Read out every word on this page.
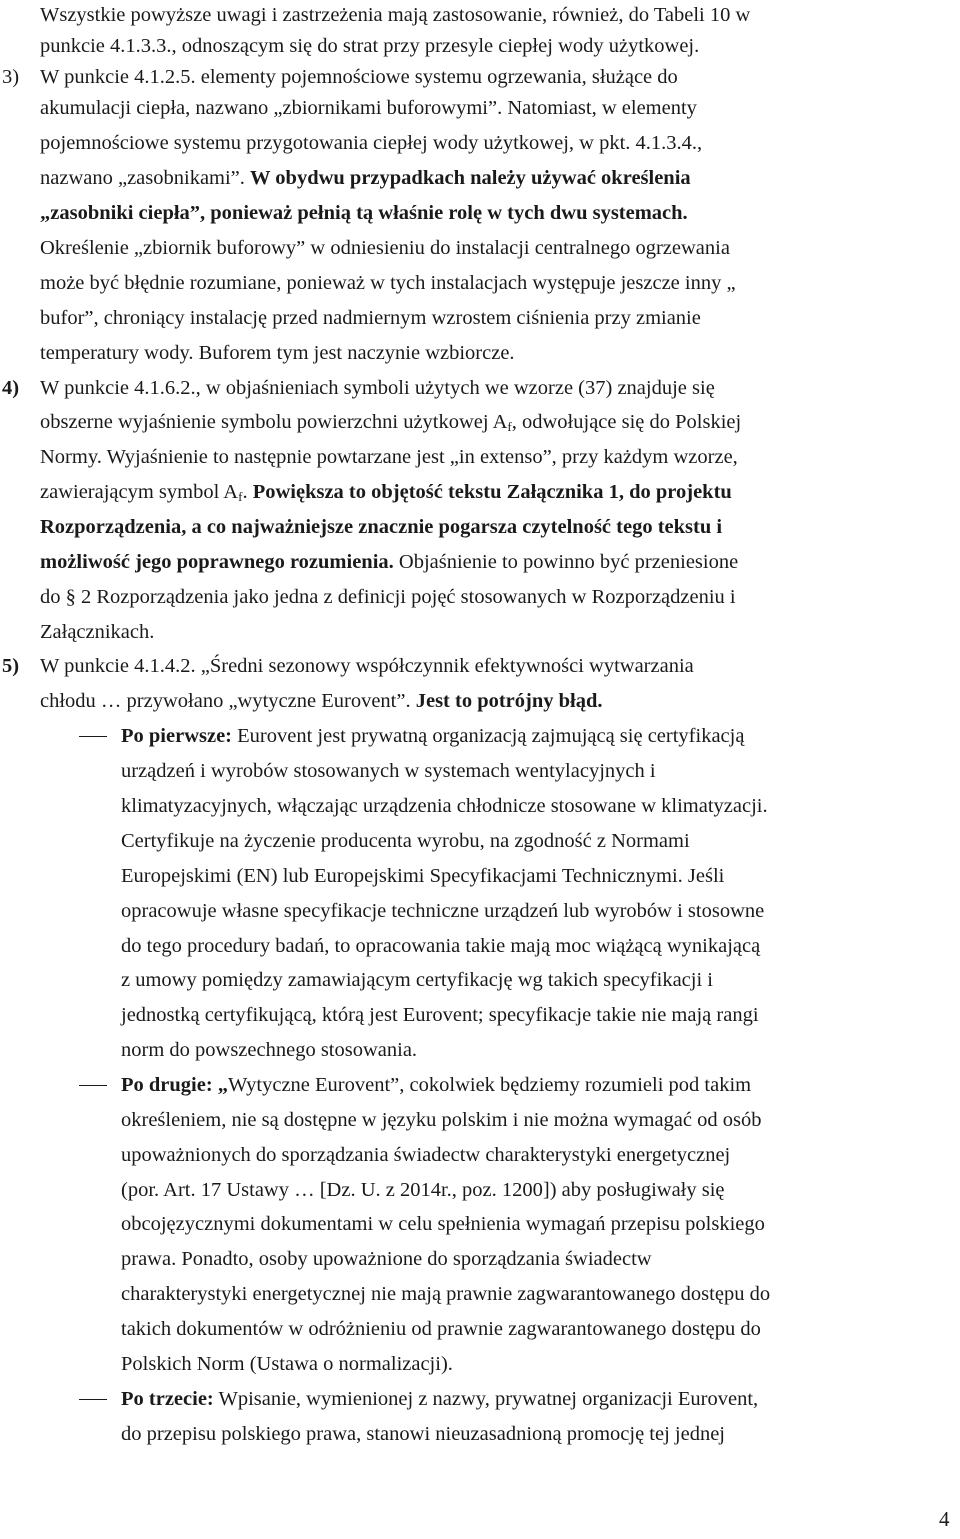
Wszystkie powyższe uwagi i zastrzeżenia mają zastosowanie, również, do Tabeli 10 w
punkcie 4.1.3.3., odnoszącym się do strat przy przesyle ciepłej wody użytkowej.
3) W punkcie 4.1.2.5. elementy pojemnościowe systemu ogrzewania, służące do
akumulacji ciepła, nazwano „zbiornikami buforowymi”. Natomiast, w elementy
pojemnościowe systemu przygotowania ciepłej wody użytkowej, w pkt. 4.1.3.4.,
nazwano „zasobnikami”. W obydwu przypadkach należy używać określenia
„zasobniki ciepła”, ponieważ pełnią tą właśnie rolę w tych dwu systemach.
Określenie „zbiornik buforowy” w odniesieniu do instalacji centralnego ogrzewania
może być błędnie rozumiane, ponieważ w tych instalacjach występuje jeszcze inny „
bufor”, chroniący instalację przed nadmiernym wzrostem ciśnienia przy zmianie
temperatury wody. Buforem tym jest naczynie wzbiorcze.
4) W punkcie 4.1.6.2., w objaśnieniach symboli użytych we wzorze (37) znajduje się
obszerne wyjaśnienie symbolu powierzchni użytkowej $A_f$, odwołujące się do Polskiej
Normy. Wyjaśnienie to następnie powtarzane jest „in extenso”, przy każdym wzorze,
zawierającym symbol $A_f$. Powiększa to objętość tekstu Załącznika 1, do projektu
Rozporządzenia, a co najważniejsze znacznie pogarsza czytelność tego tekstu i
możliwość jego poprawnego rozumienia. Objaśnienie to powinno być przeniesione
do § 2 Rozporządzenia jako jedna z definicji pojęć stosowanych w Rozporządzeniu i
Załącznikach.
5) W punkcie 4.1.4.2. „Średni sezonowy współczynnik efektywności wytwarzania
chłodu … przywołano „wytyczne Eurovent”. Jest to potrójny błąd.
Po pierwsze: Eurovent jest prywatną organizacją zajmującą się certyfikacją
urządzeń i wyrobów stosowanych w systemach wentylacyjnych i
klimatyzacyjnych, włączając urządzenia chłodnicze stosowane w klimatyzacji.
Certyfikuje na życzenie producenta wyrobu, na zgodność z Normami
Europejskimi (EN) lub Europejskimi Specyfikacjami Technicznymi. Jeśli
opracowuje własne specyfikacje techniczne urządzeń lub wyrobów i stosowne
do tego procedury badań, to opracowania takie mają moc wiążącą wynikającą
z umowy pomiędzy zamawiającym certyfikację wg takich specyfikacji i
jednostką certyfikującą, którą jest Eurovent; specyfikacje takie nie mają rangi
norm do powszechnego stosowania.
Po drugie: „Wytyczne Eurovent”, cokolwiek będziemy rozumieli pod takim
określeniem, nie są dostępne w języku polskim i nie można wymagać od osób
upoważnionych do sporządzania świadectw charakterystyki energetycznej
(por. Art. 17 Ustawy … [Dz. U. z 2014r., poz. 1200]) aby posługiwały się
obcojęzycznymi dokumentami w celu spełnienia wymagań przepisu polskiego
prawa. Ponadto, osoby upoważnione do sporządzania świadectw
charakterystyki energetycznej nie mają prawnie zagwarantowanego dostępu do
takich dokumentów w odróżnieniu od prawnie zagwarantowanego dostępu do
Polskich Norm (Ustawa o normalizacji).
Po trzecie: Wpisanie, wymienionej z nazwy, prywatnej organizacji Eurovent,
do przepisu polskiego prawa, stanowi nieuzasadnioną promocję tej jednej
4
